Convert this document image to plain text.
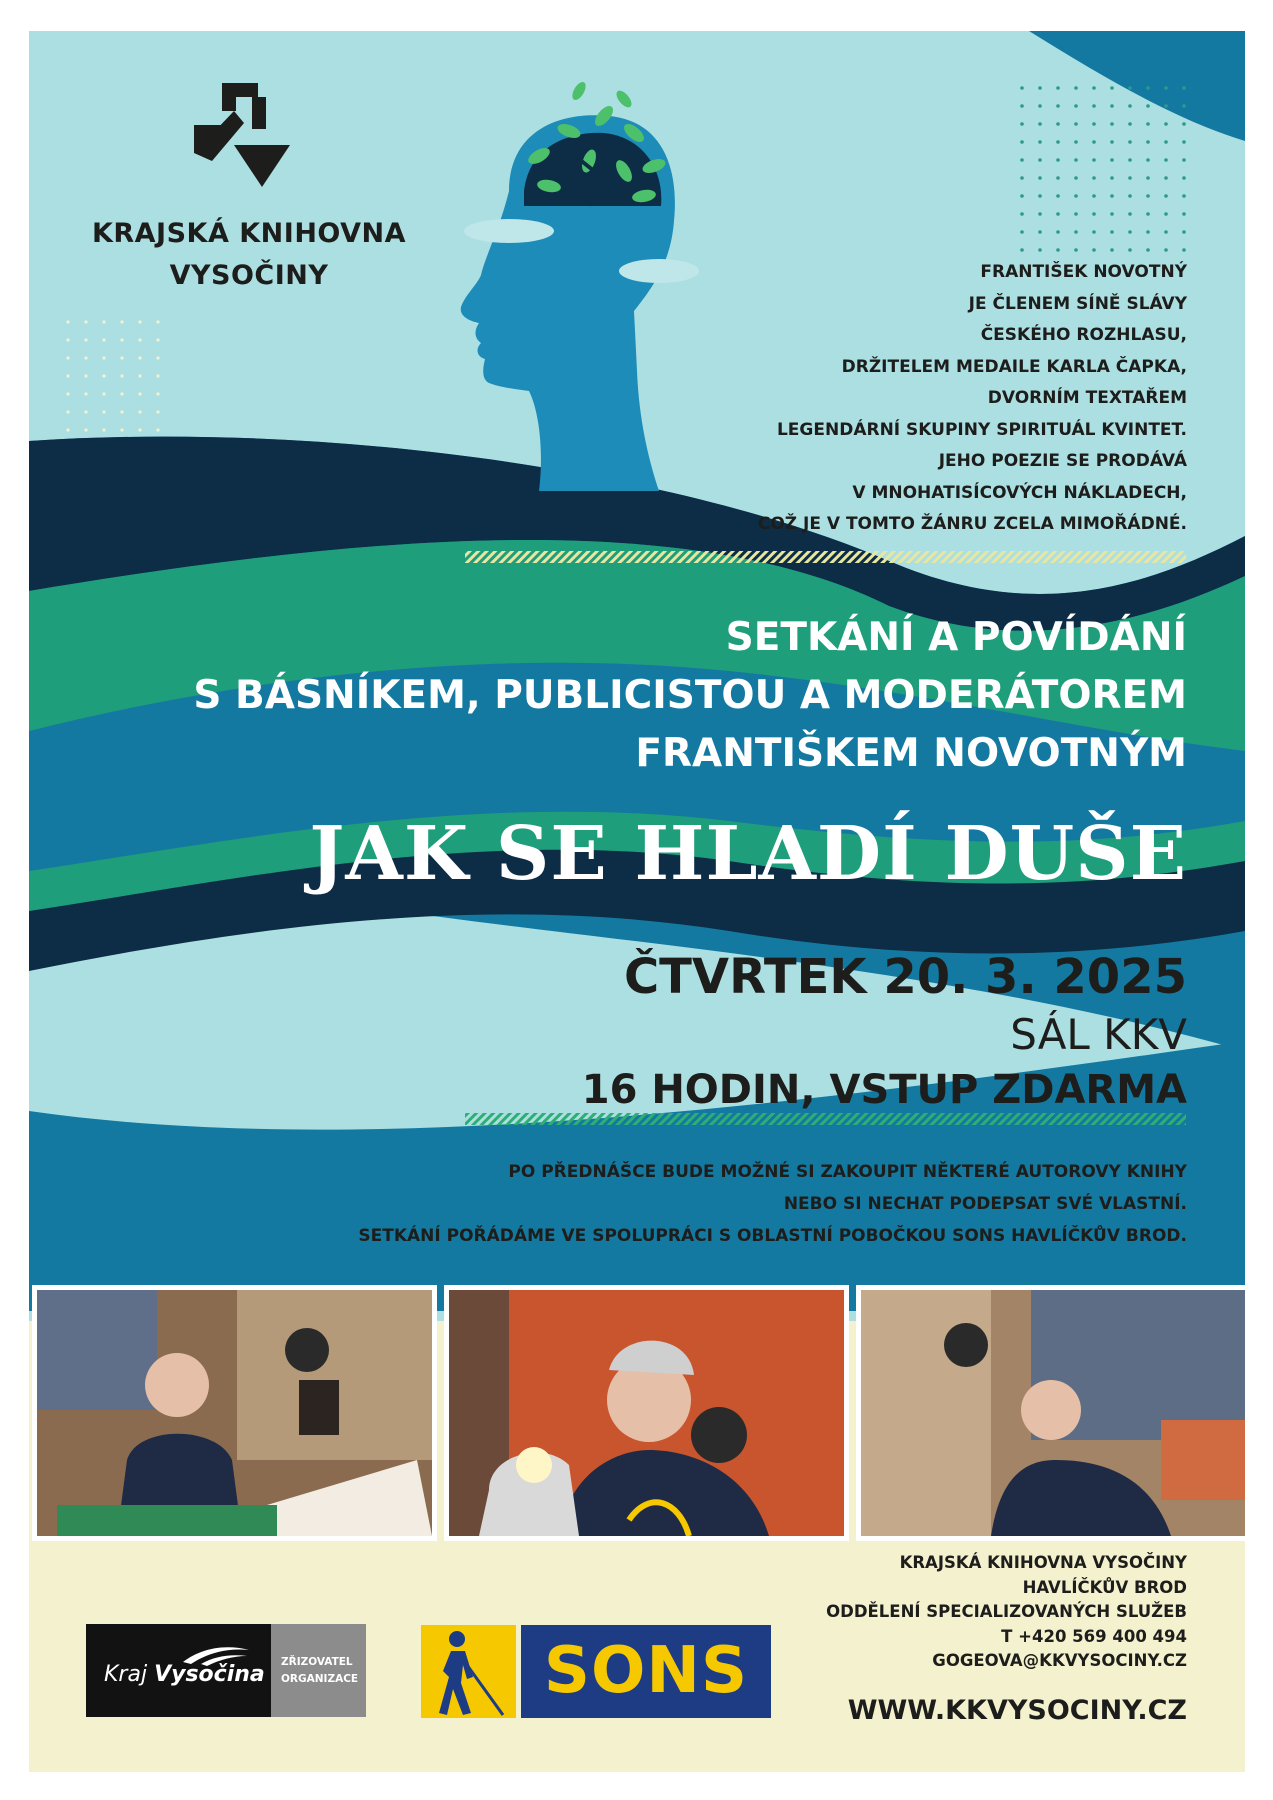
KRAJSKÁ KNIHOVNA
VYSOČINY	FRANTIŠEK NOVOTNÝ
JE ČLENEM SÍNĚ SLÁVY
ČESKÉHO ROZHLASU,
DRŽITELEM MEDAILE KARLA ČAPKA,
DVORNÍM TEXTAŘEM
LEGENDÁRNÍ SKUPINY SPIRITUÁL KVINTET.
JEHO POEZIE SE PRODÁVÁ
V MNOHATISÍCOVÝCH NÁKLADECH,
COŽ JE V TOMTO ŽÁNRU ZCELA MIMOŘÁDNÉ.
SETKÁNÍ A POVÍDÁNÍ
S BÁSNÍKEM, PUBLICISTOU A MODERÁTOREM
FRANTIŠKEM NOVOTNÝM
JAK SE HLADÍ DUŠE
ČTVRTEK 20. 3. 2025
SÁL KKV
16 HODIN, VSTUP ZDARMA
PO PŘEDNÁŠCE BUDE MOŽNÉ SI ZAKOUPIT NĚKTERÉ AUTOROVY KNIHY
NEBO SI NECHAT PODEPSAT SVÉ VLASTNÍ.
SETKÁNÍ POŘÁDÁME VE SPOLUPRÁCI S OBLASTNÍ POBOČKOU SONS HAVLÍČKŮV BROD.
KRAJSKÁ KNIHOVNA VYSOČINY
HAVLÍČKŮV BROD
ODDĚLENÍ SPECIALIZOVANÝCH SLUŽEB
T +420 569 400 494
GOGEOVA@KKVYSOCINY.CZ
WWW.KKVYSOCINY.CZ
Kraj Vysočina
ZŘIZOVATEL
ORGANIZACE	SONS
